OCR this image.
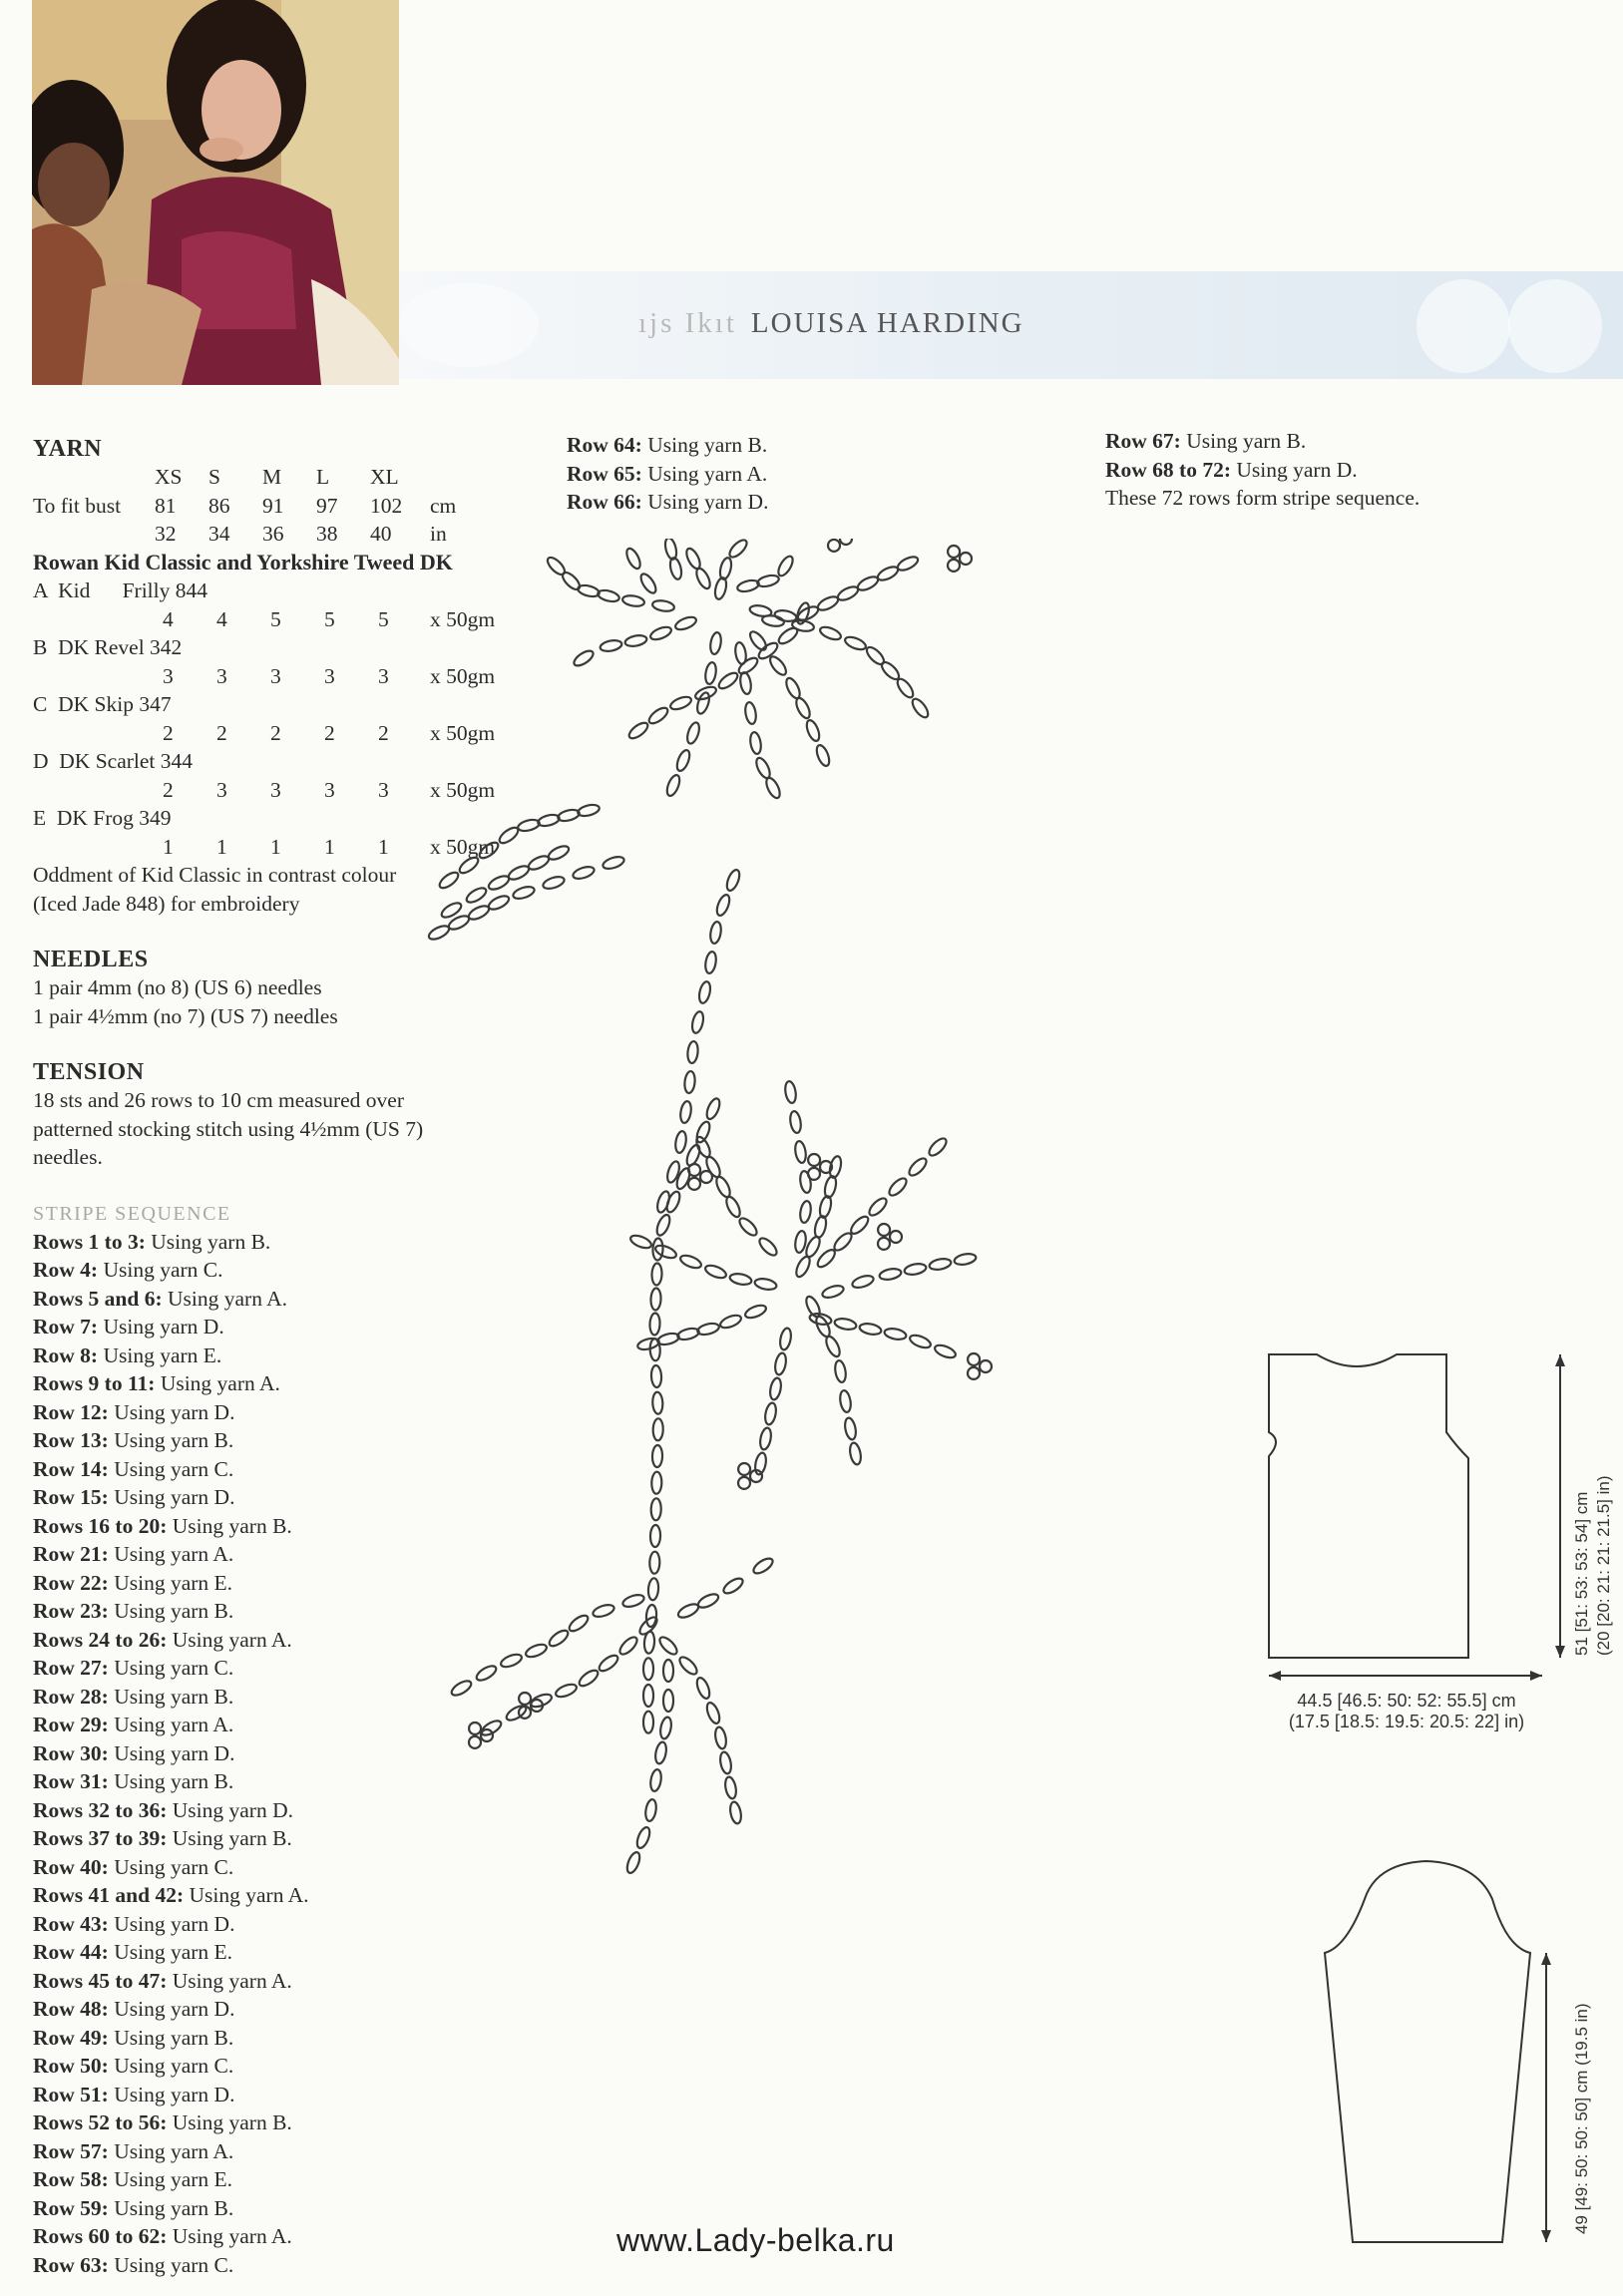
ıjs Ikıt LOUISA HARDING

YARN

XS	S	M	L	XL
To fit bust	81	86	91	97	102	cm
32	34	36	38	40	in

Rowan Kid Classic and Yorkshire Tweed DK

A  Kid      Frilly 844

4	4	5	5	5	x 50gm

B  DK Revel 342

3	3	3	3	3	x 50gm

C  DK Skip 347

2	2	2	2	2	x 50gm

D  DK Scarlet 344

2	3	3	3	3	x 50gm

E  DK Frog 349

1	1	1	1	1	x 50gm

Oddment of Kid Classic in contrast colour

(Iced Jade 848) for embroidery

NEEDLES

1 pair 4mm (no 8) (US 6) needles

1 pair 4½mm (no 7) (US 7) needles

TENSION

18 sts and 26 rows to 10 cm measured over

patterned stocking stitch using 4½mm (US 7)

needles.

STRIPE SEQUENCE

Rows 1 to 3: Using yarn B.

Row 4: Using yarn C.

Rows 5 and 6: Using yarn A.

Row 7: Using yarn D.

Row 8: Using yarn E.

Rows 9 to 11: Using yarn A.

Row 12: Using yarn D.

Row 13: Using yarn B.

Row 14: Using yarn C.

Row 15: Using yarn D.

Rows 16 to 20: Using yarn B.

Row 21: Using yarn A.

Row 22: Using yarn E.

Row 23: Using yarn B.

Rows 24 to 26: Using yarn A.

Row 27: Using yarn C.

Row 28: Using yarn B.

Row 29: Using yarn A.

Row 30: Using yarn D.

Row 31: Using yarn B.

Rows 32 to 36: Using yarn D.

Rows 37 to 39: Using yarn B.

Row 40: Using yarn C.

Rows 41 and 42: Using yarn A.

Row 43: Using yarn D.

Row 44: Using yarn E.

Rows 45 to 47: Using yarn A.

Row 48: Using yarn D.

Row 49: Using yarn B.

Row 50: Using yarn C.

Row 51: Using yarn D.

Rows 52 to 56: Using yarn B.

Row 57: Using yarn A.

Row 58: Using yarn E.

Row 59: Using yarn B.

Rows 60 to 62: Using yarn A.

Row 63: Using yarn C.

Row 64: Using yarn B.

Row 65: Using yarn A.

Row 66: Using yarn D.

Row 67: Using yarn B.

Row 68 to 72: Using yarn D.

These 72 rows form stripe sequence.

44.5 [46.5: 50: 52: 55.5] cm
(17.5 [18.5: 19.5: 20.5: 22] in)
51 [51: 53: 53: 54] cm (20 [20: 21: 21: 21.5] in)
49 [49: 50: 50: 50] cm (19.5 in)
www.Lady-belka.ru
